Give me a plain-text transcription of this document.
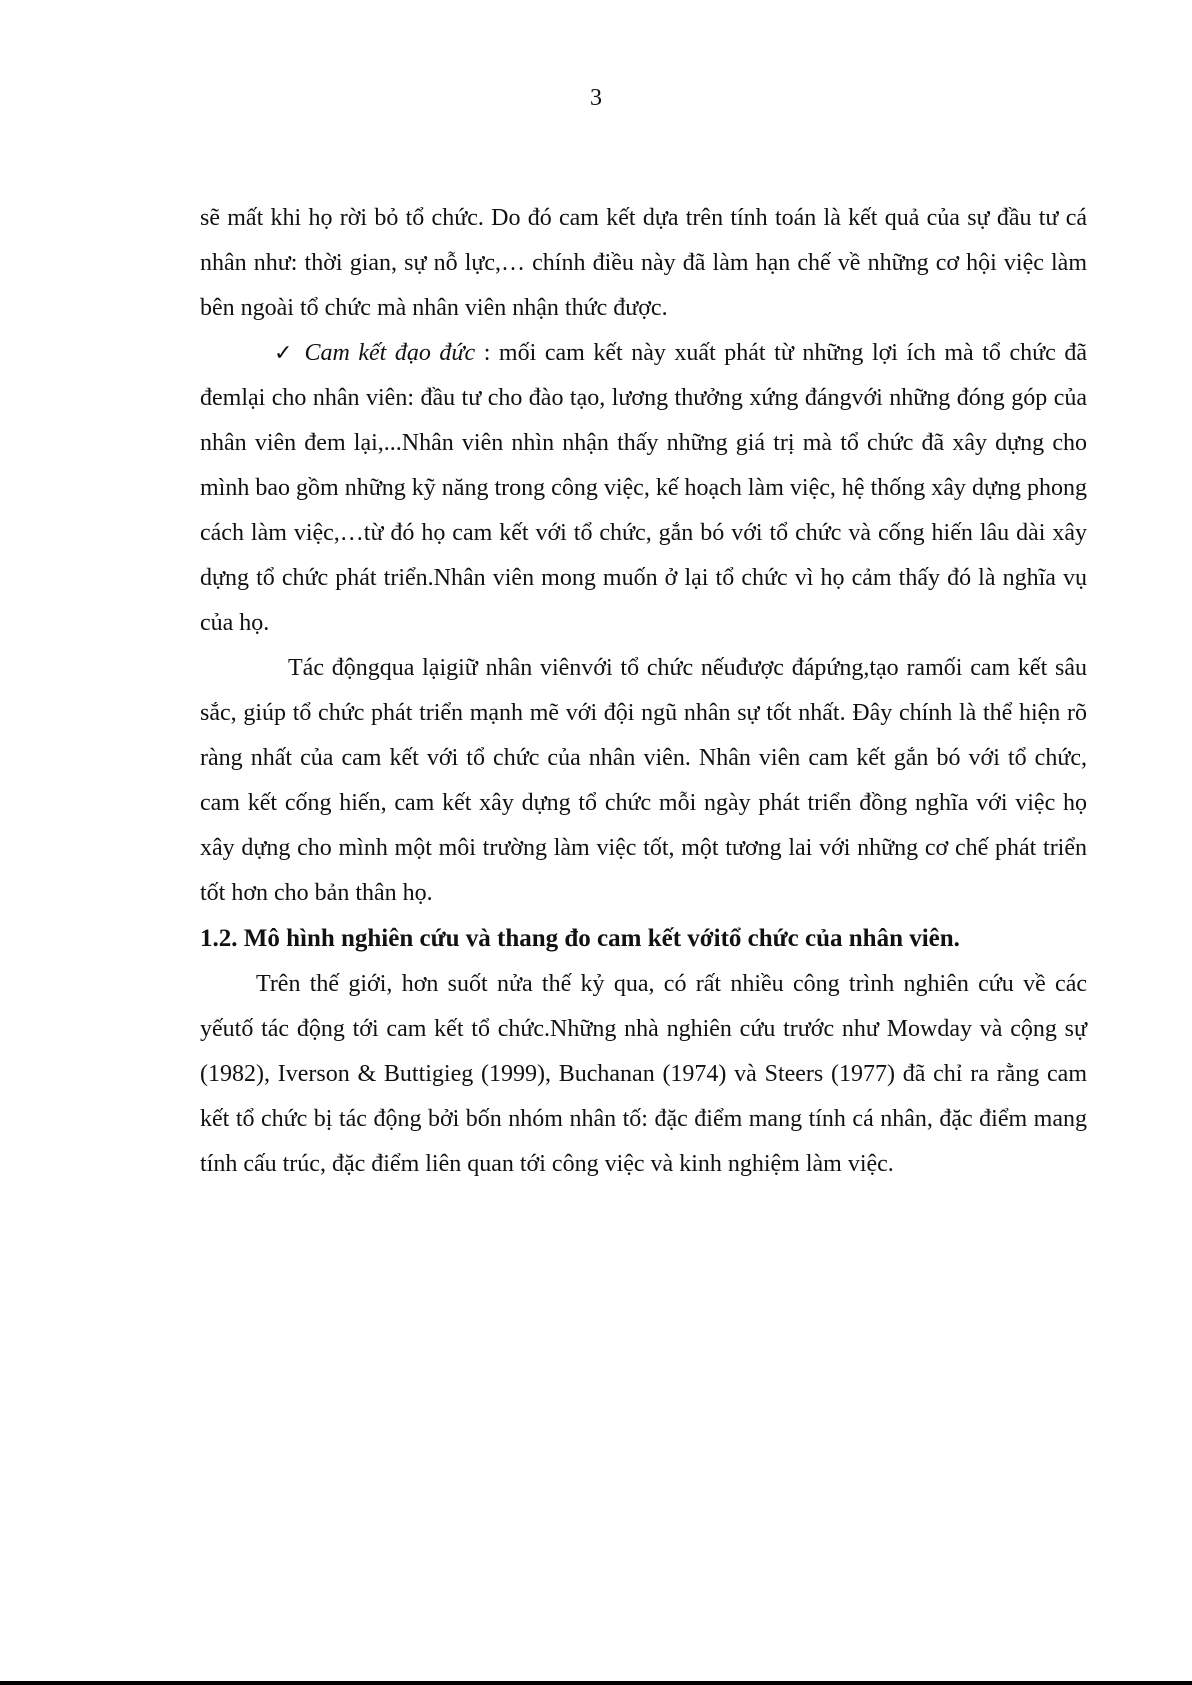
3

sẽ mất khi họ rời bỏ tổ chức. Do đó cam kết dựa trên tính toán là kết quả của sự đầu tư cá nhân như: thời gian, sự nỗ lực,… chính điều này đã làm hạn chế về những cơ hội việc làm bên ngoài tổ chức mà nhân viên nhận thức được.

✓ Cam kết đạo đức : mối cam kết này xuất phát từ những lợi ích mà tổ chức đã đemlại cho nhân viên: đầu tư cho đào tạo, lương thưởng xứng đángvới những đóng góp của nhân viên đem lại,...Nhân viên nhìn nhận thấy những giá trị mà tổ chức đã xây dựng cho mình bao gồm những kỹ năng trong công việc, kế hoạch làm việc, hệ thống xây dựng phong cách làm việc,…từ đó họ cam kết với tổ chức, gắn bó với tổ chức và cống hiến lâu dài xây dựng tổ chức phát triển.Nhân viên mong muốn ở lại tổ chức vì họ cảm thấy đó là nghĩa vụ của họ.

Tác độngqua lạigiữ nhân viênvới tổ chức nếuđược đápứng,tạo ramối cam kết sâu sắc, giúp tổ chức phát triển mạnh mẽ với đội ngũ nhân sự tốt nhất. Đây chính là thể hiện rõ ràng nhất của cam kết với tổ chức của nhân viên. Nhân viên cam kết gắn bó với tổ chức, cam kết cống hiến, cam kết xây dựng tổ chức mỗi ngày phát triển đồng nghĩa với việc họ xây dựng cho mình một môi trường làm việc tốt, một tương lai với những cơ chế phát triển tốt hơn cho bản thân họ.

1.2. Mô hình nghiên cứu và thang đo cam kết vớitổ chức của nhân viên.

Trên thế giới, hơn suốt nửa thế kỷ qua, có rất nhiều công trình nghiên cứu về các yếutố tác động tới cam kết tổ chức.Những nhà nghiên cứu trước như Mowday và cộng sự (1982), Iverson & Buttigieg (1999), Buchanan (1974) và Steers (1977) đã chỉ ra rằng cam kết tổ chức bị tác động bởi bốn nhóm nhân tố: đặc điểm mang tính cá nhân, đặc điểm mang tính cấu trúc, đặc điểm liên quan tới công việc và kinh nghiệm làm việc.
